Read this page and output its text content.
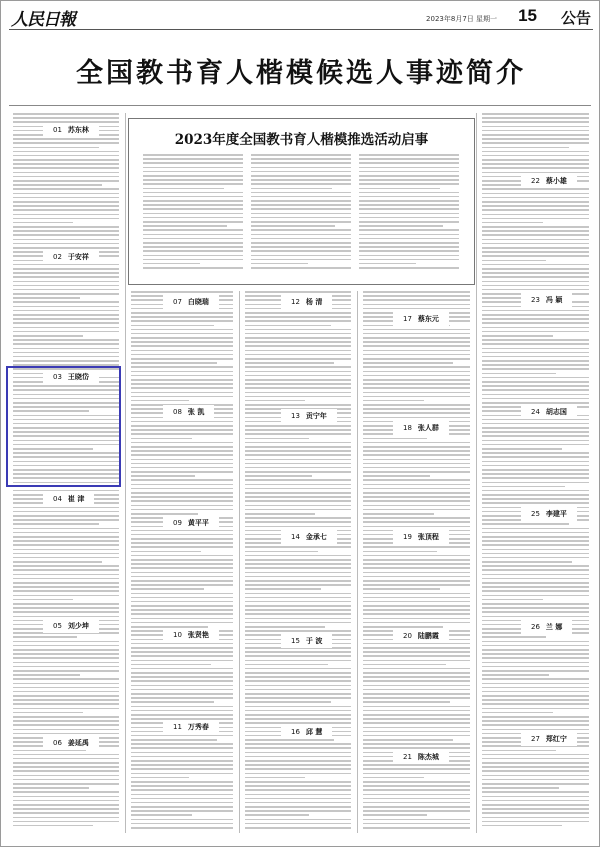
人民日報	2023年8月7日 星期一 15 公告
全国教书育人楷模候选人事迹简介
2023年度全国教书育人楷模推选活动启事
01 苏东林
02 于安祥
03 王晓岱
04 崔 津
05 刘少坤
06 姜延禹
07 白晓瑞
08 张 凯
09 黄平平
10 张贤艳
11 万秀春
12 杨 清
13 贡宁年
14 金承七
15 于 波
16 邱 慧
17 蔡东元
18 张人群
19 张顶程
20 陆鹏霞
21 陈杰城
22 蔡小雄
23 冯 颖
24 胡志国
25 李建平
26 兰 娜
27 郑红宁
